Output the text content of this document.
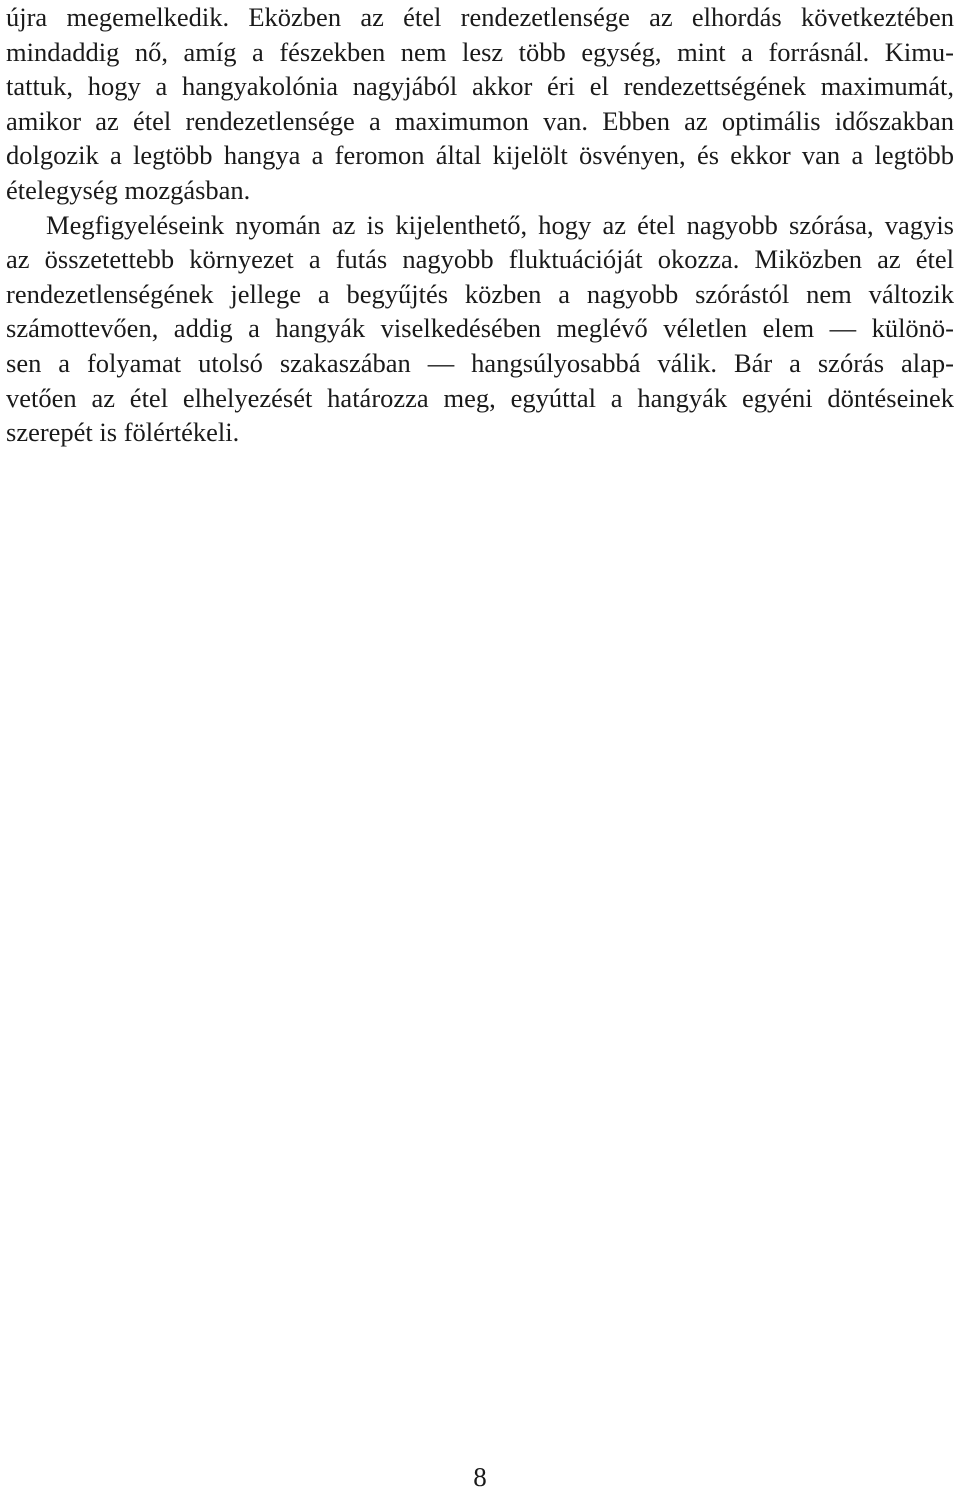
újra megemelkedik. Eközben az étel rendezetlensége az elhordás következtében
mindaddig nő, amíg a fészekben nem lesz több egység, mint a forrásnál. Kimu-
tattuk, hogy a hangyakolónia nagyjából akkor éri el rendezettségének maximumát,
amikor az étel rendezetlensége a maximumon van. Ebben az optimális időszakban
dolgozik a legtöbb hangya a feromon által kijelölt ösvényen, és ekkor van a legtöbb
ételegység mozgásban.
Megfigyeléseink nyomán az is kijelenthető, hogy az étel nagyobb szórása, vagyis
az összetettebb környezet a futás nagyobb fluktuációját okozza. Miközben az étel
rendezetlenségének jellege a begyűjtés közben a nagyobb szórástól nem változik
számottevően, addig a hangyák viselkedésében meglévő véletlen elem — különö-
sen a folyamat utolsó szakaszában — hangsúlyosabbá válik. Bár a szórás alap-
vetően az étel elhelyezését határozza meg, egyúttal a hangyák egyéni döntéseinek
szerepét is fölértékeli.
8
